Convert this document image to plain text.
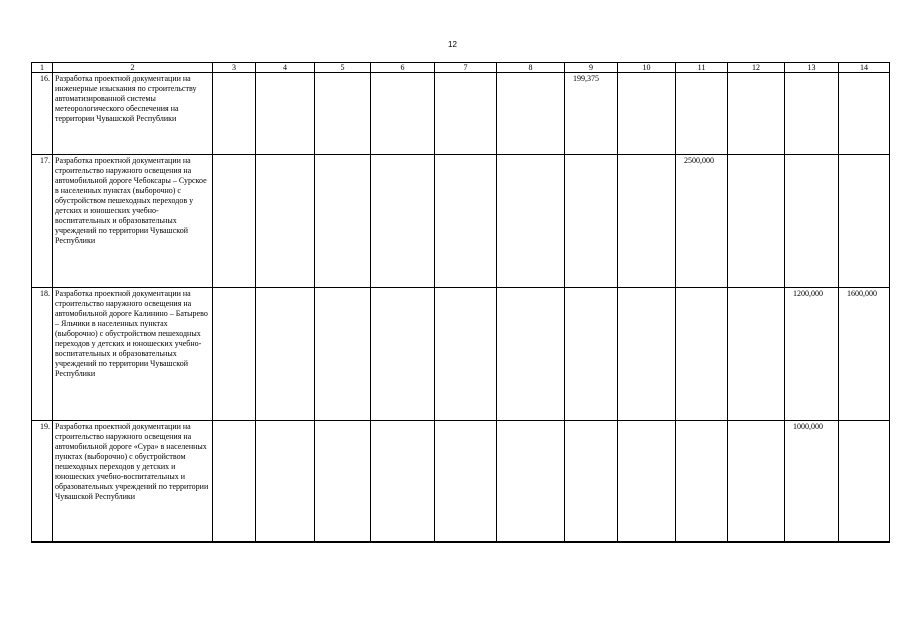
12
1	2	3	4	5	6	7	8	9	10	11	12	13	14
16.	Разработка проектной документации на инженерные изыскания по строительству автоматизированной системы метеорологического обеспечения на территории Чувашской Республики							199,375					
17.	Разработка проектной документации на строительство наружного освещения на автомобильной дороге Чебоксары – Сурское в населенных пунктах (выборочно) с обустройством пешеходных переходов у детских и юношеских учебно-воспитательных и образовательных учреждений по территории Чувашской Республики									2500,000			
18.	Разработка проектной документации на строительство наружного освещения на автомобильной дороге Калинино – Батырево – Яльчики в населенных пунктах (выборочно) с обустройством пешеходных переходов у детских и юношеских учебно-воспитательных и образовательных учреждений по территории Чувашской Республики											1200,000	1600,000
19.	Разработка проектной документации на строительство наружного освещения на автомобильной дороге «Сура» в населенных пунктах (выборочно) с обустройством пешеходных переходов у детских и юношеских учебно-воспитательных и образовательных учреждений по территории Чувашской Республики											1000,000	
